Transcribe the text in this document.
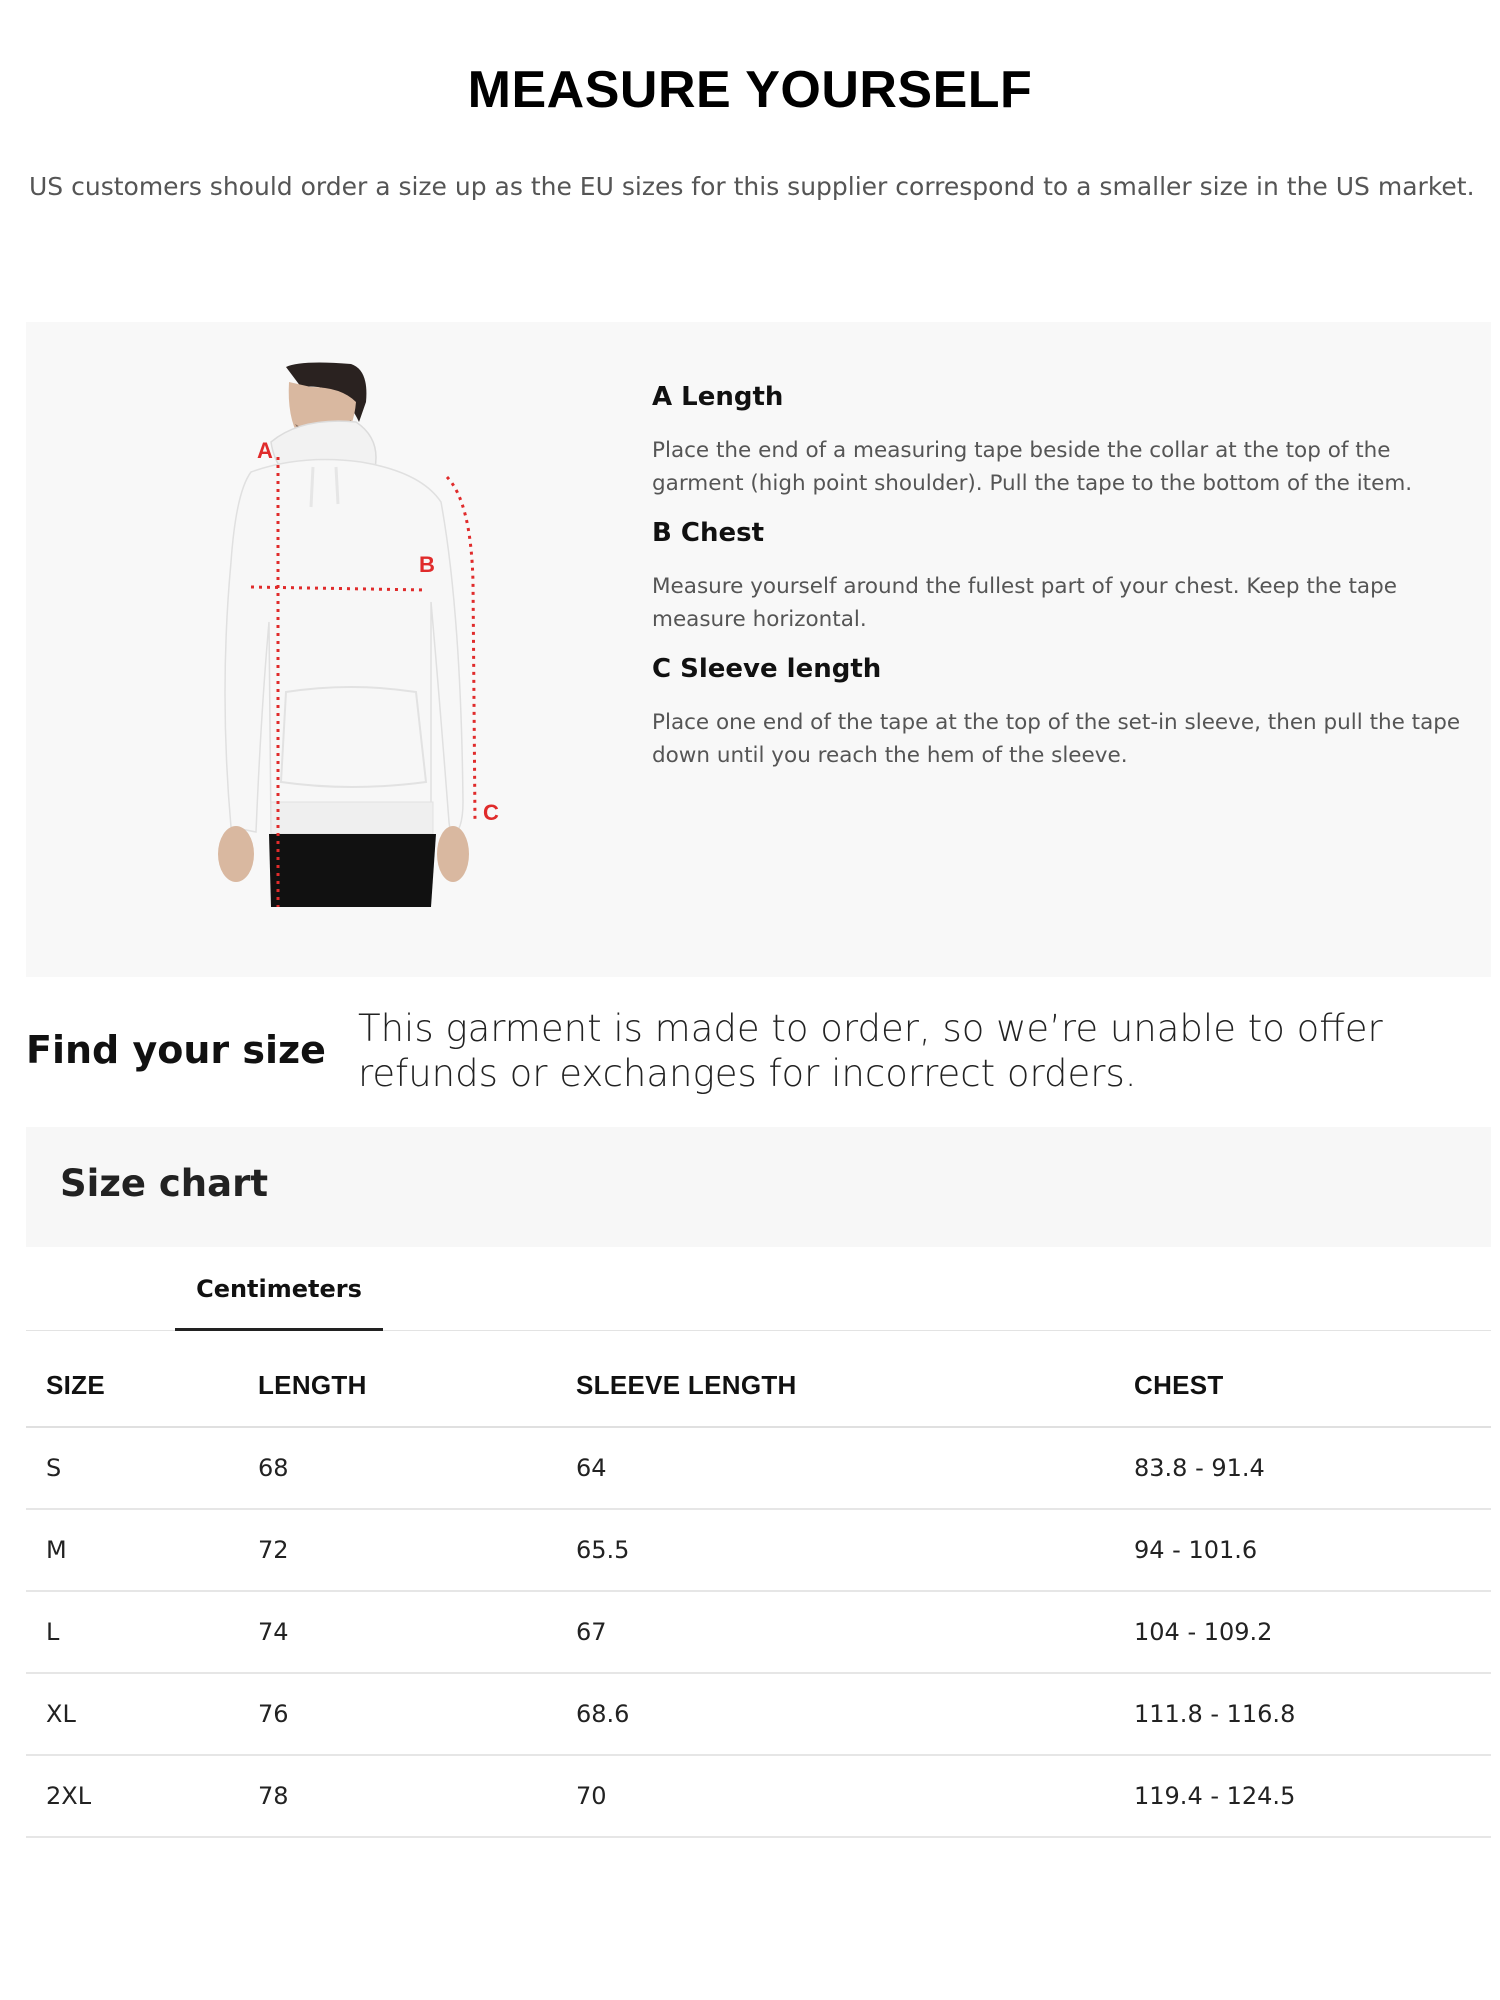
MEASURE YOURSELF
US customers should order a size up as the EU sizes for this supplier correspond to a smaller size in the US market.
A
B
C
A Length
Place the end of a measuring tape beside the collar at the top of the garment (high point shoulder). Pull the tape to the bottom of the item.
B Chest
Measure yourself around the fullest part of your chest. Keep the tape measure horizontal.
C Sleeve length
Place one end of the tape at the top of the set-in sleeve, then pull the tape down until you reach the hem of the sleeve.
Find your size This garment is made to order, so we’re unable to offer refunds or exchanges for incorrect orders.
Size chart
Centimeters
SIZE	LENGTH	SLEEVE LENGTH	CHEST
S	68	64	83.8 - 91.4
M	72	65.5	94 - 101.6
L	74	67	104 - 109.2
XL	76	68.6	111.8 - 116.8
2XL	78	70	119.4 - 124.5
